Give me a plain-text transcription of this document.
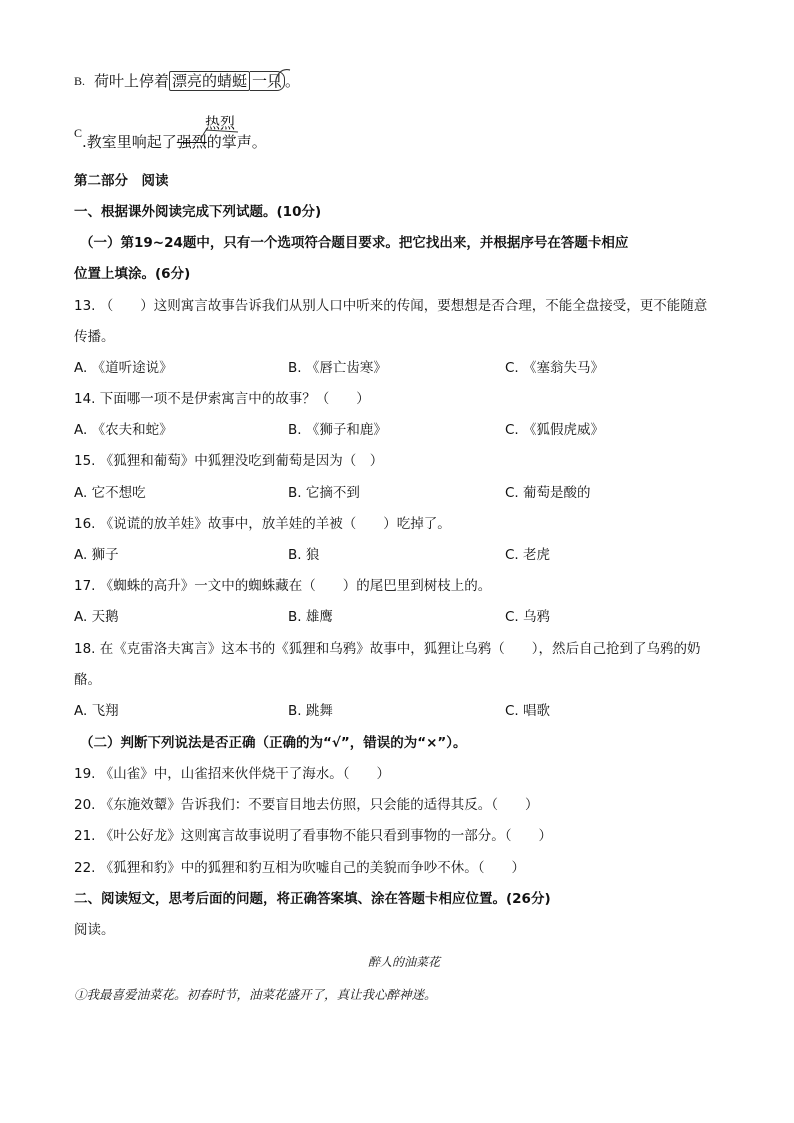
B. 荷叶上停着 漂亮的蜻蜓 一只 。
热烈
C .教室里响起了强烈的掌声。
第二部分　阅读
一、根据课外阅读完成下列试题。(10分)
（一）第19~24题中，只有一个选项符合题目要求。把它找出来，并根据序号在答题卡相应
位置上填涂。(6分)
13. （　　）这则寓言故事告诉我们从别人口中听来的传闻，要想想是否合理，不能全盘接受，更不能随意
传播。
A. 《道听途说》	B. 《唇亡齿寒》	C. 《塞翁失马》
14. 下面哪一项不是伊索寓言中的故事？（　　）
A. 《农夫和蛇》	B. 《狮子和鹿》	C. 《狐假虎威》
15. 《狐狸和葡萄》中狐狸没吃到葡萄是因为（　）
A. 它不想吃	B. 它摘不到	C. 葡萄是酸的
16. 《说谎的放羊娃》故事中，放羊娃的羊被（　　）吃掉了。
A. 狮子	B. 狼	C. 老虎
17. 《蜘蛛的高升》一文中的蜘蛛藏在（　　）的尾巴里到树枝上的。
A. 天鹅	B. 雄鹰	C. 乌鸦
18. 在《克雷洛夫寓言》这本书的《狐狸和乌鸦》故事中，狐狸让乌鸦（　　），然后自己抢到了乌鸦的奶
酪。
A. 飞翔	B. 跳舞	C. 唱歌
（二）判断下列说法是否正确（正确的为“√”，错误的为“×”）。
19. 《山雀》中，山雀招来伙伴烧干了海水。（　　）
20. 《东施效颦》告诉我们：不要盲目地去仿照，只会能的适得其反。（　　）
21. 《叶公好龙》这则寓言故事说明了看事物不能只看到事物的一部分。（　　）
22. 《狐狸和豹》中的狐狸和豹互相为吹嘘自己的美貌而争吵不休。（　　）
二、阅读短文，思考后面的问题，将正确答案填、涂在答题卡相应位置。(26分)
阅读。
醉人的油菜花
①我最喜爱油菜花。初春时节，油菜花盛开了，真让我心醉神迷。
